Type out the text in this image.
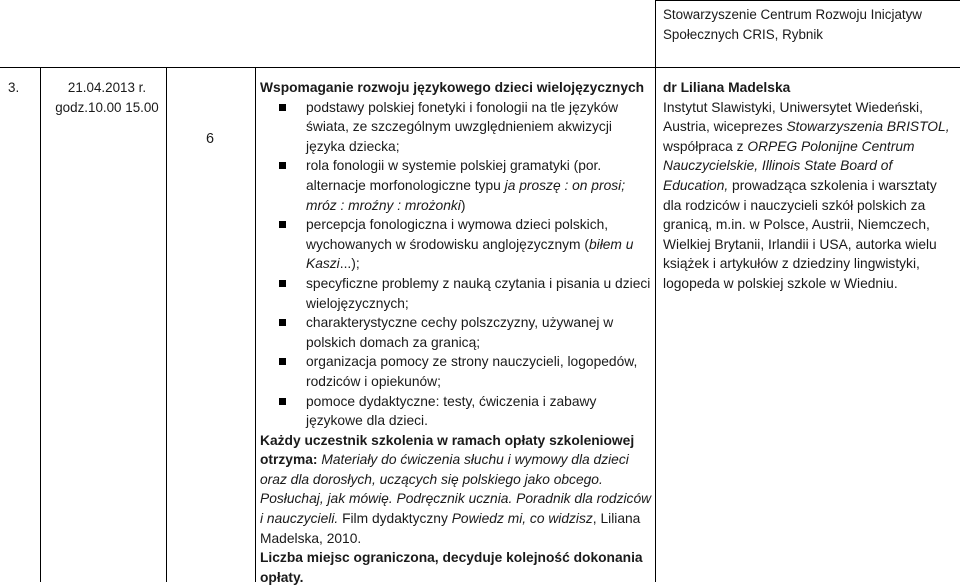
Stowarzyszenie Centrum Rozwoju Inicjatyw Społecznych CRIS, Rybnik
3.	21.04.2013 r.
godz.10.00 15.00
6

Wspomaganie rozwoju językowego dzieci wielojęzycznych

podstawy polskiej fonetyki i fonologii na tle języków świata, ze szczególnym uwzględnieniem akwizycji języka dziecka;
rola fonologii w systemie polskiej gramatyki (por. alternacje morfonologiczne typu ja proszę : on prosi; mróz : mroźny : mrożonki)
percepcja fonologiczna i wymowa dzieci polskich, wychowanych w środowisku anglojęzycznym (biłem u Kaszi...);
specyficzne problemy z nauką czytania i pisania u dzieci wielojęzycznych;
charakterystyczne cechy polszczyzny, używanej w polskich domach za granicą;
organizacja pomocy ze strony nauczycieli, logopedów, rodziców i opiekunów;
pomoce dydaktyczne: testy, ćwiczenia i zabawy językowe dla dzieci.

Każdy uczestnik szkolenia w ramach opłaty szkoleniowej otrzyma: Materiały do ćwiczenia słuchu i wymowy dla dzieci oraz dla dorosłych, uczących się polskiego jako obcego. Posłuchaj, jak mówię. Podręcznik ucznia. Poradnik dla rodziców i nauczycieli. Film dydaktyczny Powiedz mi, co widzisz, Liliana Madelska, 2010.

Liczba miejsc ograniczona, decyduje kolejność dokonania opłaty.

dr Liliana Madelska

Instytut Slawistyki, Uniwersytet Wiedeński, Austria, wiceprezes Stowarzyszenia BRISTOL, współpraca z ORPEG Polonijne Centrum Nauczycielskie, Illinois State Board of Education, prowadząca szkolenia i warsztaty dla rodziców i nauczycieli szkół polskich za granicą, m.in. w Polsce, Austrii, Niemczech, Wielkiej Brytanii, Irlandii i USA, autorka wielu książek i artykułów z dziedziny lingwistyki, logopeda w polskiej szkole w Wiedniu.
